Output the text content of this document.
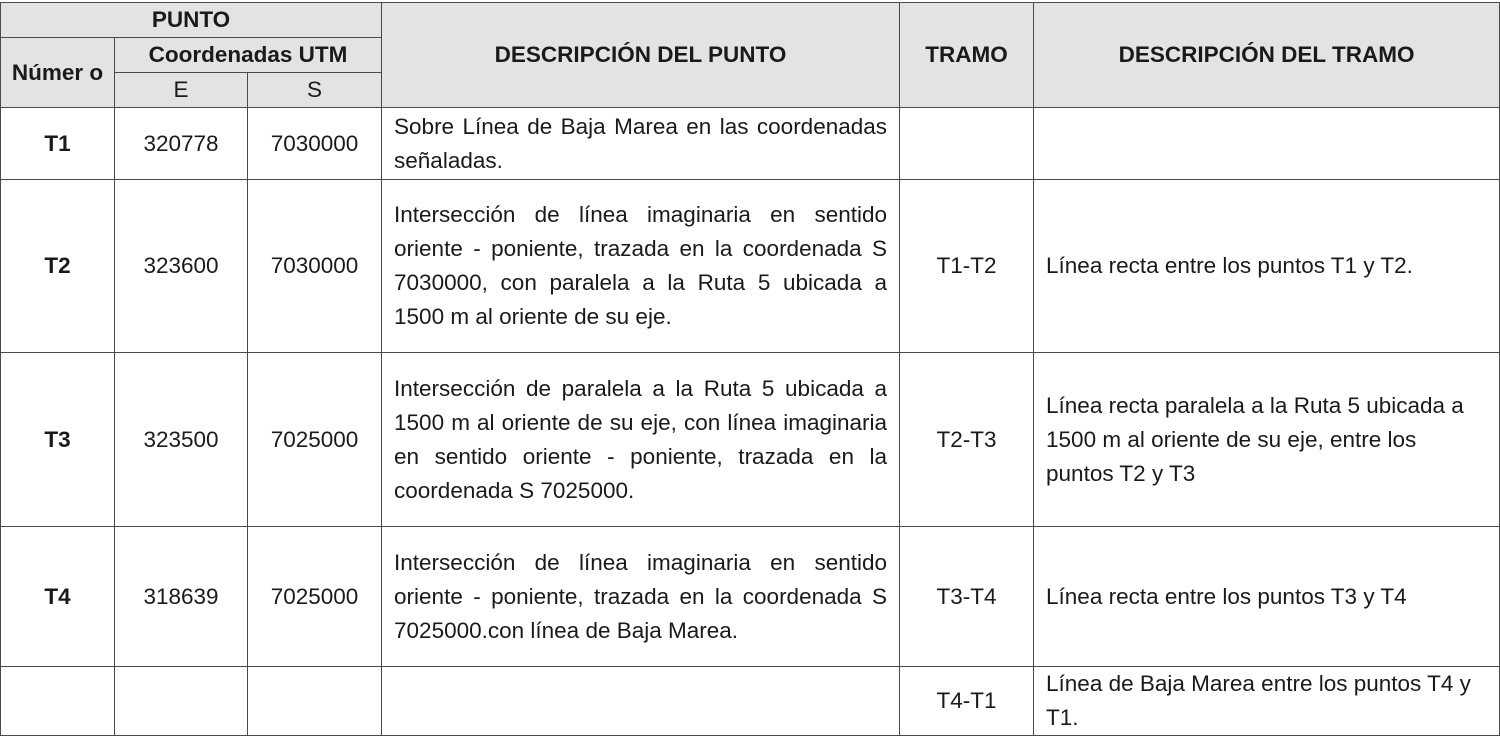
PUNTO			DESCRIPCIÓN DEL PUNTO	TRAMO	DESCRIPCIÓN DEL TRAMO
Númer o	Coordenadas UTM				
	E	S			
T1	320778	7030000	Sobre Línea de Baja Marea en las coordenadas señaladas.		
T2	323600	7030000	Intersección de línea imaginaria en sentido oriente - poniente, trazada en la coordenada S 7030000, con paralela a la Ruta 5 ubicada a 1500 m al oriente de su eje.	T1-T2	Línea recta entre los puntos T1 y T2.
T3	323500	7025000	Intersección de paralela a la Ruta 5 ubicada a 1500 m al oriente de su eje, con línea imaginaria en sentido oriente - poniente, trazada en la coordenada S 7025000.	T2-T3	Línea recta paralela a la Ruta 5 ubicada a 1500 m al oriente de su eje, entre los puntos T2 y T3
T4	318639	7025000	Intersección de línea imaginaria en sentido oriente - poniente, trazada en la coordenada S 7025000.con línea de Baja Marea.	T3-T4	Línea recta entre los puntos T3 y T4
				T4-T1	Línea de Baja Marea entre los puntos T4 y T1.
